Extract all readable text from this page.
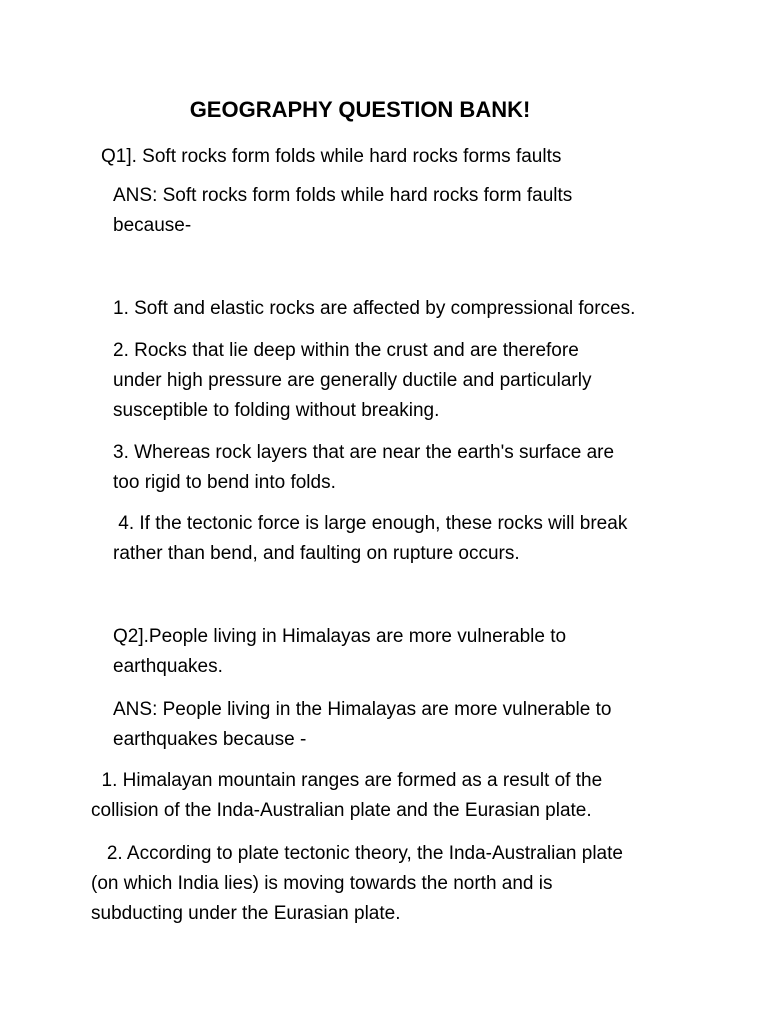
GEOGRAPHY QUESTION BANK!
Q1]. Soft rocks form folds while hard rocks forms faults
ANS: Soft rocks form folds while hard rocks form faults
because-
1. Soft and elastic rocks are affected by compressional forces.
2. Rocks that lie deep within the crust and are therefore
under high pressure are generally ductile and particularly
susceptible to folding without breaking.
3. Whereas rock layers that are near the earth's surface are
too rigid to bend into folds.
4. If the tectonic force is large enough, these rocks will break
rather than bend, and faulting on rupture occurs.
Q2].People living in Himalayas are more vulnerable to
earthquakes.
ANS: People living in the Himalayas are more vulnerable to
earthquakes because -
1. Himalayan mountain ranges are formed as a result of the
collision of the Inda-Australian plate and the Eurasian plate.
2. According to plate tectonic theory, the Inda-Australian plate
(on which India lies) is moving towards the north and is
subducting under the Eurasian plate.
